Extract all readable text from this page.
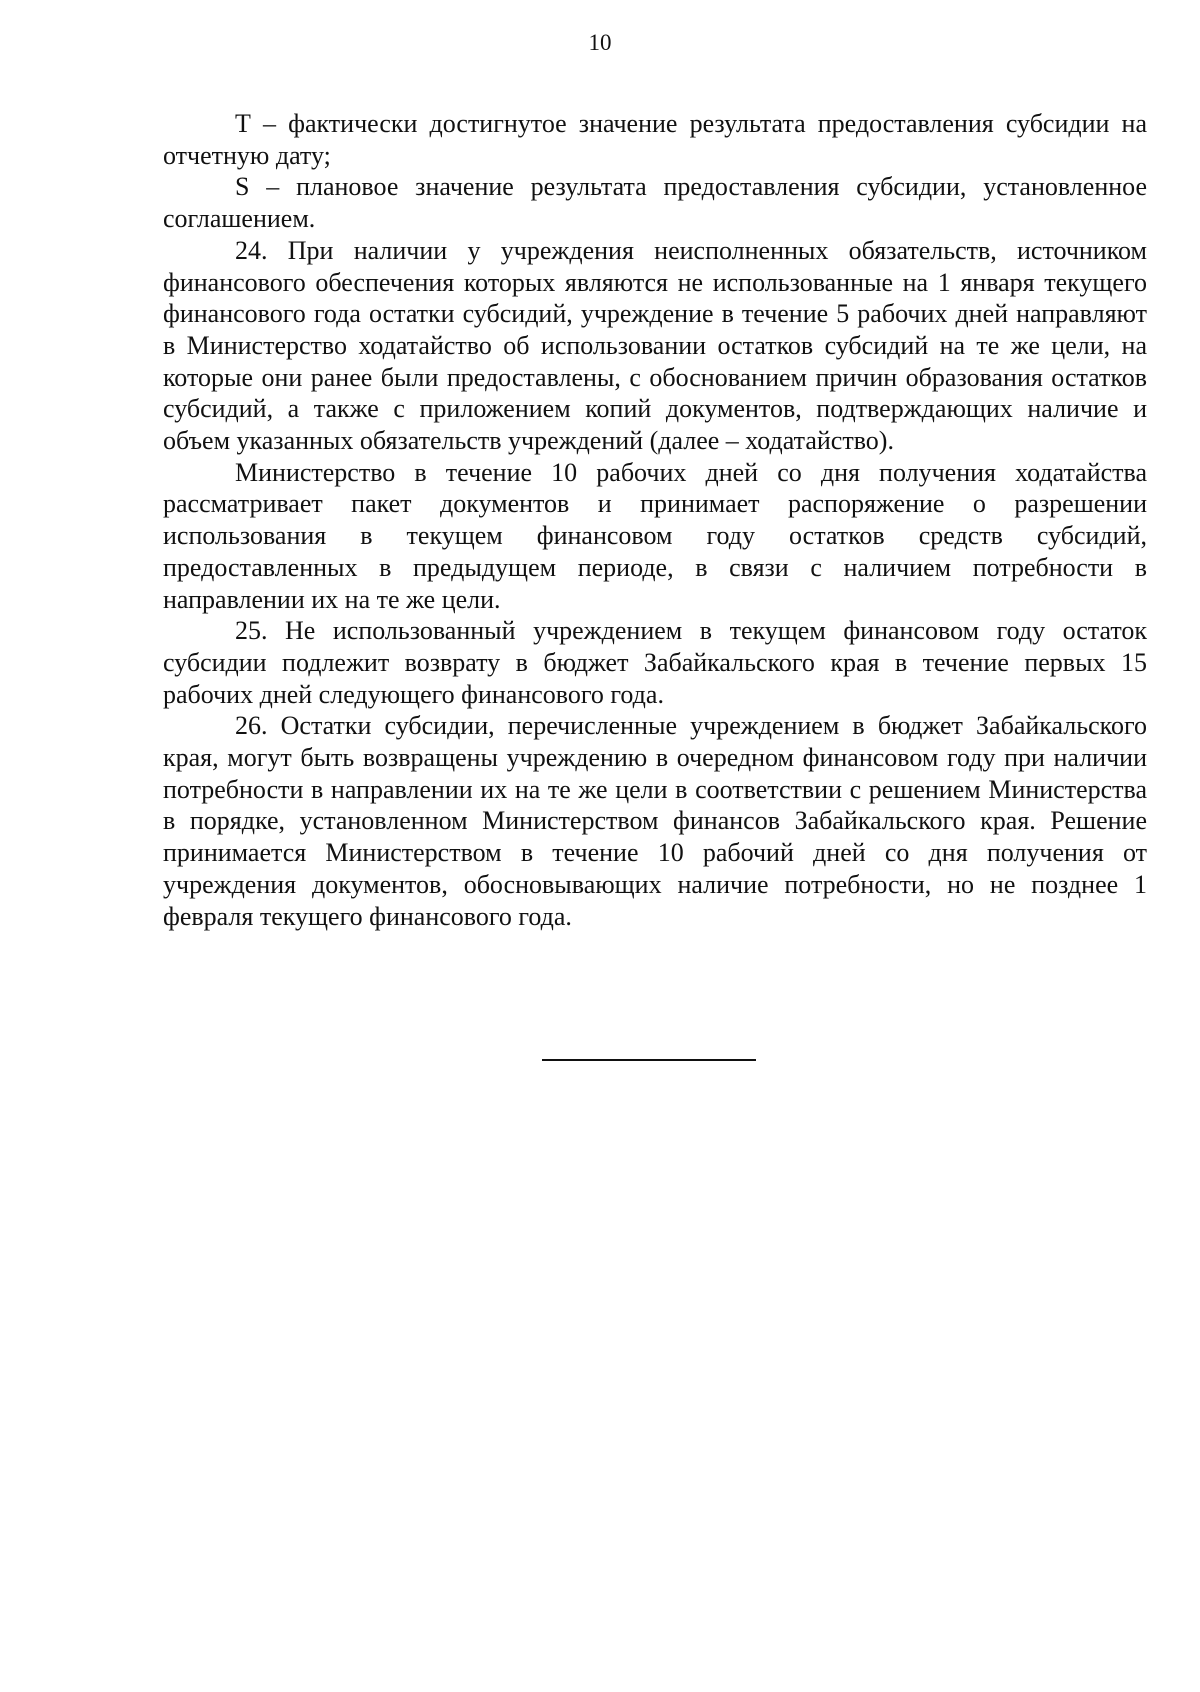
10

Т – фактически достигнутое значение результата предоставления субсидии на отчетную дату;

S – плановое значение результата предоставления субсидии, установленное соглашением.

24. При наличии у учреждения неисполненных обязательств, источником финансового обеспечения которых являются не использованные на 1 января текущего финансового года остатки субсидий, учреждение в течение 5 рабочих дней направляют в Министерство ходатайство об использовании остатков субсидий на те же цели, на которые они ранее были предоставлены, с обоснованием причин образования остатков субсидий, а также с приложением копий документов, подтверждающих наличие и объем указанных обязательств учреждений (далее – ходатайство).

Министерство в течение 10 рабочих дней со дня получения ходатайства рассматривает пакет документов и принимает распоряжение о разрешении использования в текущем финансовом году остатков средств субсидий, предоставленных в предыдущем периоде, в связи с наличием потребности в направлении их на те же цели.

25. Не использованный учреждением в текущем финансовом году остаток субсидии подлежит возврату в бюджет Забайкальского края в течение первых 15 рабочих дней следующего финансового года.

26. Остатки субсидии, перечисленные учреждением в бюджет Забайкальского края, могут быть возвращены учреждению в очередном финансовом году при наличии потребности в направлении их на те же цели в соответствии с решением Министерства в порядке, установленном Министерством финансов Забайкальского края. Решение принимается Министерством в течение 10 рабочий дней со дня получения от учреждения документов, обосновывающих наличие потребности, но не позднее 1 февраля текущего финансового года.
